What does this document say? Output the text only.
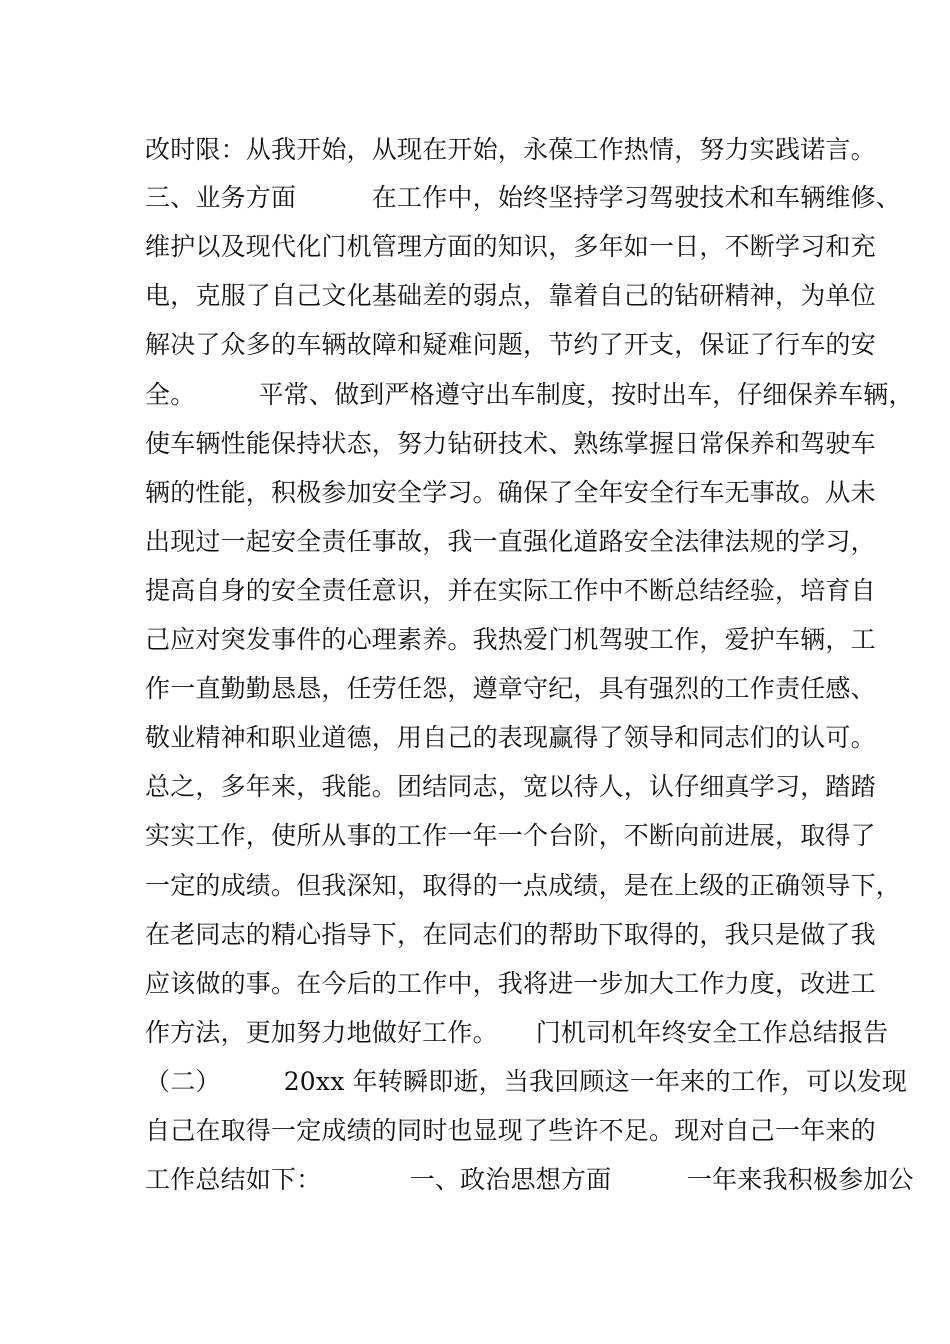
改时限：从我开始，从现在开始，永葆工作热情，努力实践诺言。
三、业务方面　　　在工作中，始终坚持学习驾驶技术和车辆维修、
维护以及现代化门机管理方面的知识，多年如一日，不断学习和充
电，克服了自己文化基础差的弱点，靠着自己的钻研精神，为单位
解决了众多的车辆故障和疑难问题，节约了开支，保证了行车的安
全。　　　平常、做到严格遵守出车制度，按时出车，仔细保养车辆，
使车辆性能保持状态，努力钻研技术、熟练掌握日常保养和驾驶车
辆的性能，积极参加安全学习。确保了全年安全行车无事故。从未
出现过一起安全责任事故，我一直强化道路安全法律法规的学习，
提高自身的安全责任意识，并在实际工作中不断总结经验，培育自
己应对突发事件的心理素养。我热爱门机驾驶工作，爱护车辆，工
作一直勤勤恳恳，任劳任怨，遵章守纪，具有强烈的工作责任感、
敬业精神和职业道德，用自己的表现赢得了领导和同志们的认可。
总之，多年来，我能。团结同志，宽以待人，认仔细真学习，踏踏
实实工作，使所从事的工作一年一个台阶，不断向前进展，取得了
一定的成绩。但我深知，取得的一点成绩，是在上级的正确领导下，
在老同志的精心指导下，在同志们的帮助下取得的，我只是做了我
应该做的事。在今后的工作中，我将进一步加大工作力度，改进工
作方法，更加努力地做好工作。　　门机司机年终安全工作总结报告
（二）　　　20xx 年转瞬即逝，当我回顾这一年来的工作，可以发现
自己在取得一定成绩的同时也显现了些许不足。现对自己一年来的
工作总结如下：　　　　一、政治思想方面　　　一年来我积极参加公
